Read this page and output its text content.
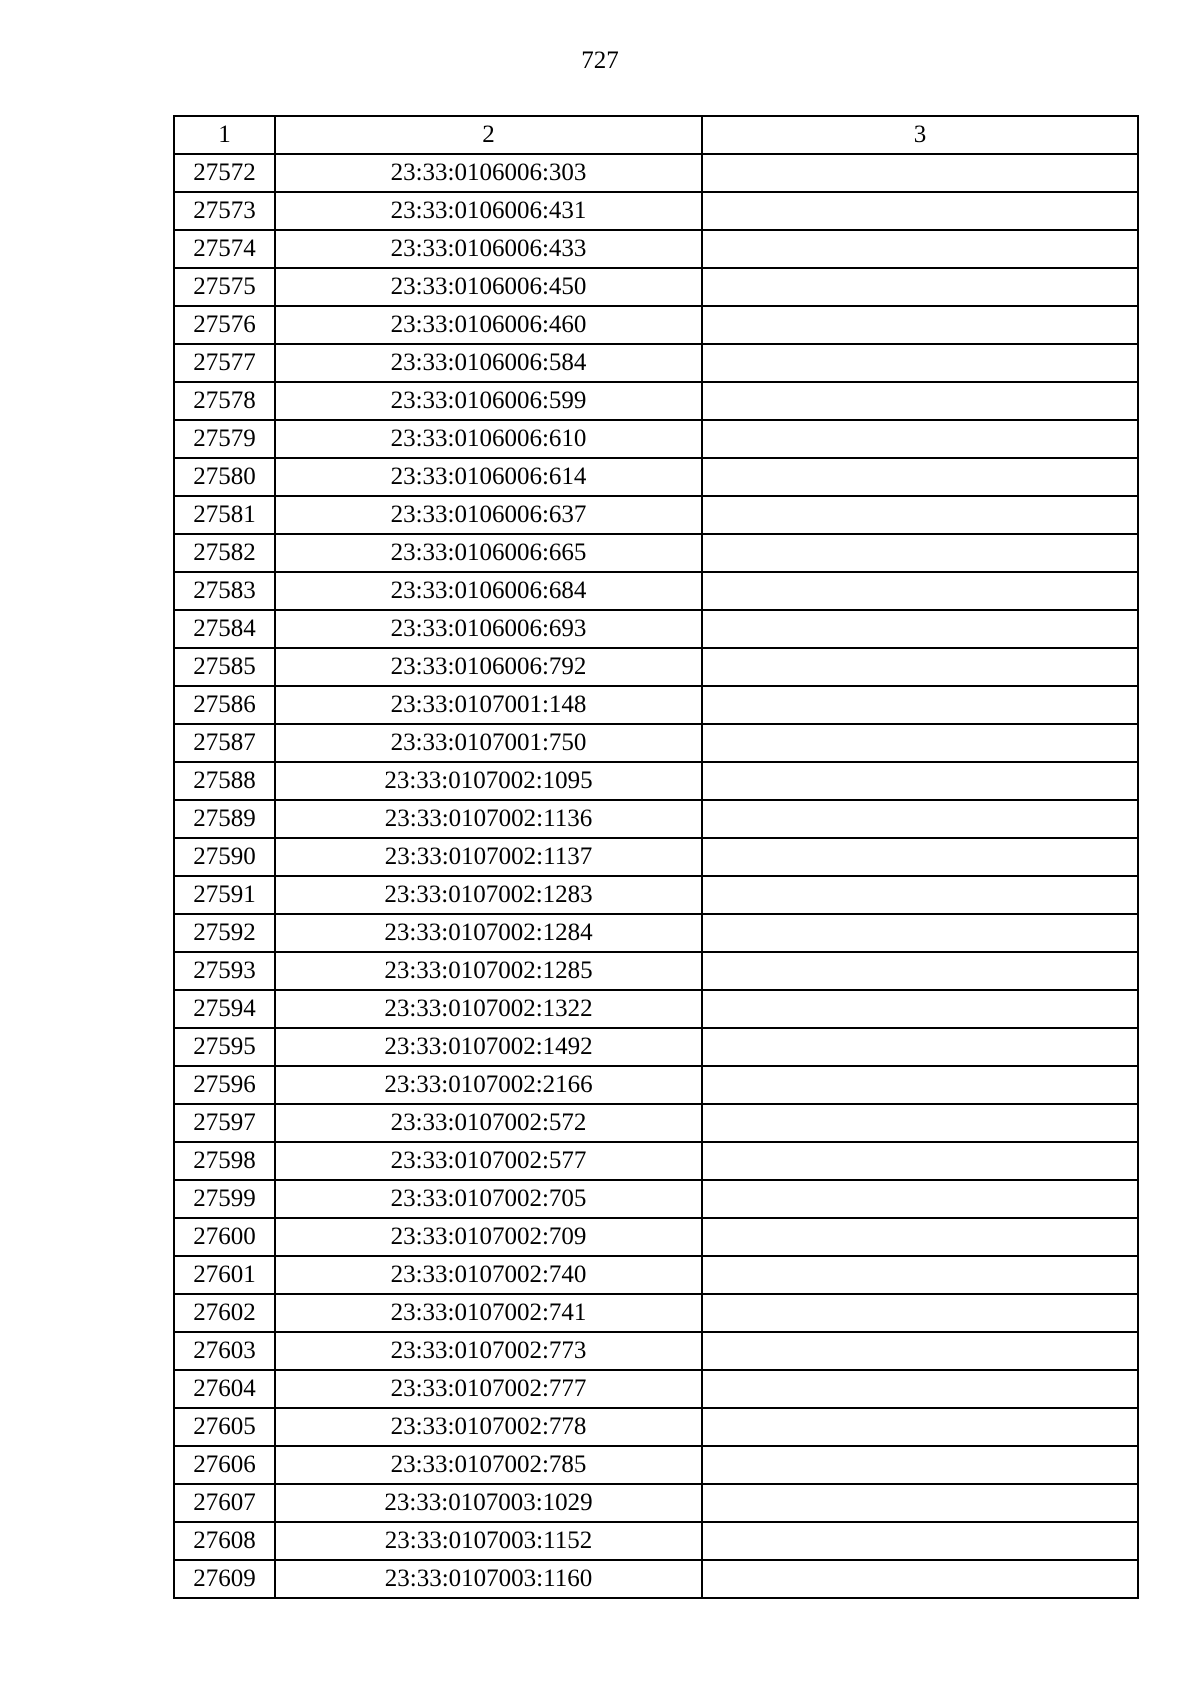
727
1	2	3
27572	23:33:0106006:303	
27573	23:33:0106006:431	
27574	23:33:0106006:433	
27575	23:33:0106006:450	
27576	23:33:0106006:460	
27577	23:33:0106006:584	
27578	23:33:0106006:599	
27579	23:33:0106006:610	
27580	23:33:0106006:614	
27581	23:33:0106006:637	
27582	23:33:0106006:665	
27583	23:33:0106006:684	
27584	23:33:0106006:693	
27585	23:33:0106006:792	
27586	23:33:0107001:148	
27587	23:33:0107001:750	
27588	23:33:0107002:1095	
27589	23:33:0107002:1136	
27590	23:33:0107002:1137	
27591	23:33:0107002:1283	
27592	23:33:0107002:1284	
27593	23:33:0107002:1285	
27594	23:33:0107002:1322	
27595	23:33:0107002:1492	
27596	23:33:0107002:2166	
27597	23:33:0107002:572	
27598	23:33:0107002:577	
27599	23:33:0107002:705	
27600	23:33:0107002:709	
27601	23:33:0107002:740	
27602	23:33:0107002:741	
27603	23:33:0107002:773	
27604	23:33:0107002:777	
27605	23:33:0107002:778	
27606	23:33:0107002:785	
27607	23:33:0107003:1029	
27608	23:33:0107003:1152	
27609	23:33:0107003:1160	
